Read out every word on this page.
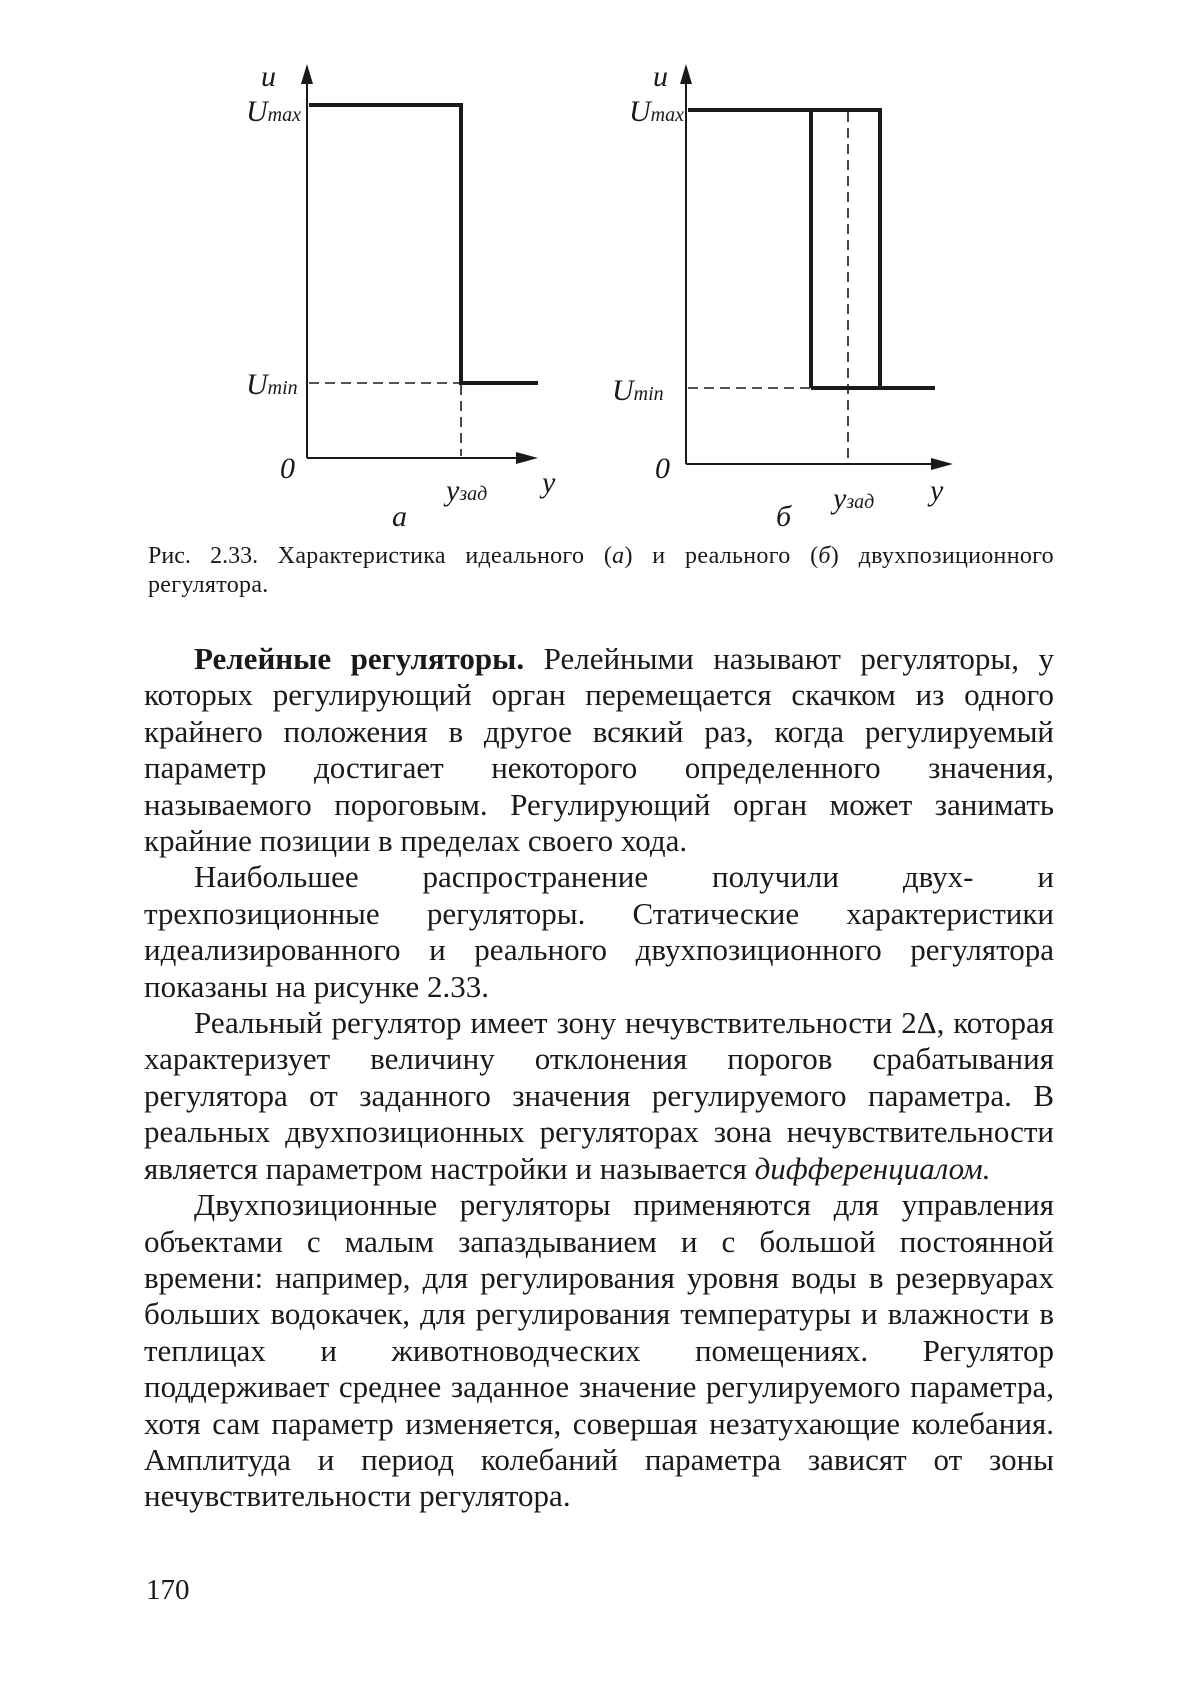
u
Umax
Umin
0
yзад y
а
u
Umax
Umin
0
yзад y
б
Рис. 2.33. Характеристика идеального (а) и реального (б) двухпозиционного регулятора.

Релейные регуляторы. Релейными называют регуляторы, у которых регулирующий орган перемещается скачком из одного крайнего положения в другое всякий раз, когда регулируемый параметр достигает некоторого определенного значения, называемого пороговым. Регулирующий орган может занимать крайние позиции в пределах своего хода.

Наибольшее распространение получили двух- и трехпозиционные регуляторы. Статические характеристики идеализированного и реального двухпозиционного регулятора показаны на рисунке 2.33.

Реальный регулятор имеет зону нечувствительности 2Δ, которая характеризует величину отклонения порогов срабатывания регулятора от заданного значения регулируемого параметра. В реальных двухпозиционных регуляторах зона нечувствительности является параметром настройки и называется дифференциалом.

Двухпозиционные регуляторы применяются для управления объектами с малым запаздыванием и с большой постоянной времени: например, для регулирования уровня воды в резервуарах больших водокачек, для регулирования температуры и влажности в теплицах и животноводческих помещениях. Регулятор поддерживает среднее заданное значение регулируемого параметра, хотя сам параметр изменяется, совершая незатухающие колебания. Амплитуда и период колебаний параметра зависят от зоны нечувствительности регулятора.

170
